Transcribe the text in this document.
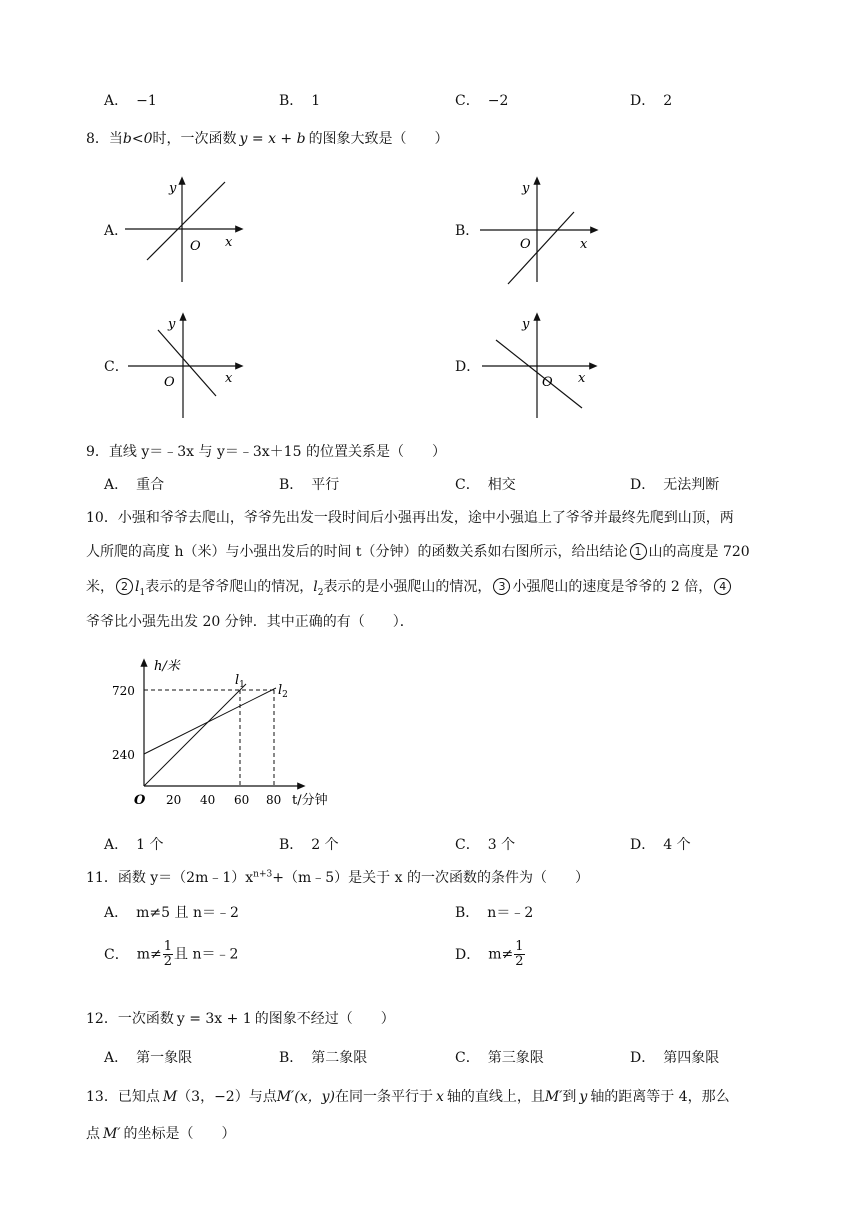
A． −1	B． 1	C． −2	D． 2
8．当b<0时，一次函数 y = x + b 的图象大致是（　　）
A．	B．
C．	D．
y
O x
y
O	x
y
O	x
y
O x
9．直线 y＝﹣3x 与 y＝﹣3x＋15 的位置关系是（　　）
A． 重合	B． 平行	C． 相交	D． 无法判断
10．小强和爷爷去爬山，爷爷先出发一段时间后小强再出发，途中小强追上了爷爷并最终先爬到山顶，两
人所爬的高度 h（米）与小强出发后的时间 t（分钟）的函数关系如右图所示，给出结论 1 山的高度是 720
米， 2 $l_1$表示的是爷爷爬山的情况，$l_2$表示的是小强爬山的情况， 3 小强爬山的速度是爷爷的 2 倍， 4
爷爷比小强先出发 20 分钟．其中正确的有（　　）．
h/米
720
240
O 20 40 60 80 t/分钟
$l_1$	$l_2$
A． 1 个	B． 2 个	C． 3 个	D． 4 个
11．函数 $y=(2m﹣1)x^{n+3}+(m﹣5)$是关于 x 的一次函数的条件为（　　）
A． m≠5 且 n＝﹣2	B． n＝﹣2
C． $m\ne \frac{1}{2}$ 且 n＝﹣2	D． $m\ne \frac{1}{2}$
12．一次函数 y = 3x + 1 的图象不经过（　　）
A． 第一象限	B． 第二象限	C． 第三象限	D． 第四象限
13．已知点 M（3，−2）与点M′(x，y)在同一条平行于 x 轴的直线上，且M′到 y 轴的距离等于 4，那么
点 M′ 的坐标是（　　）
